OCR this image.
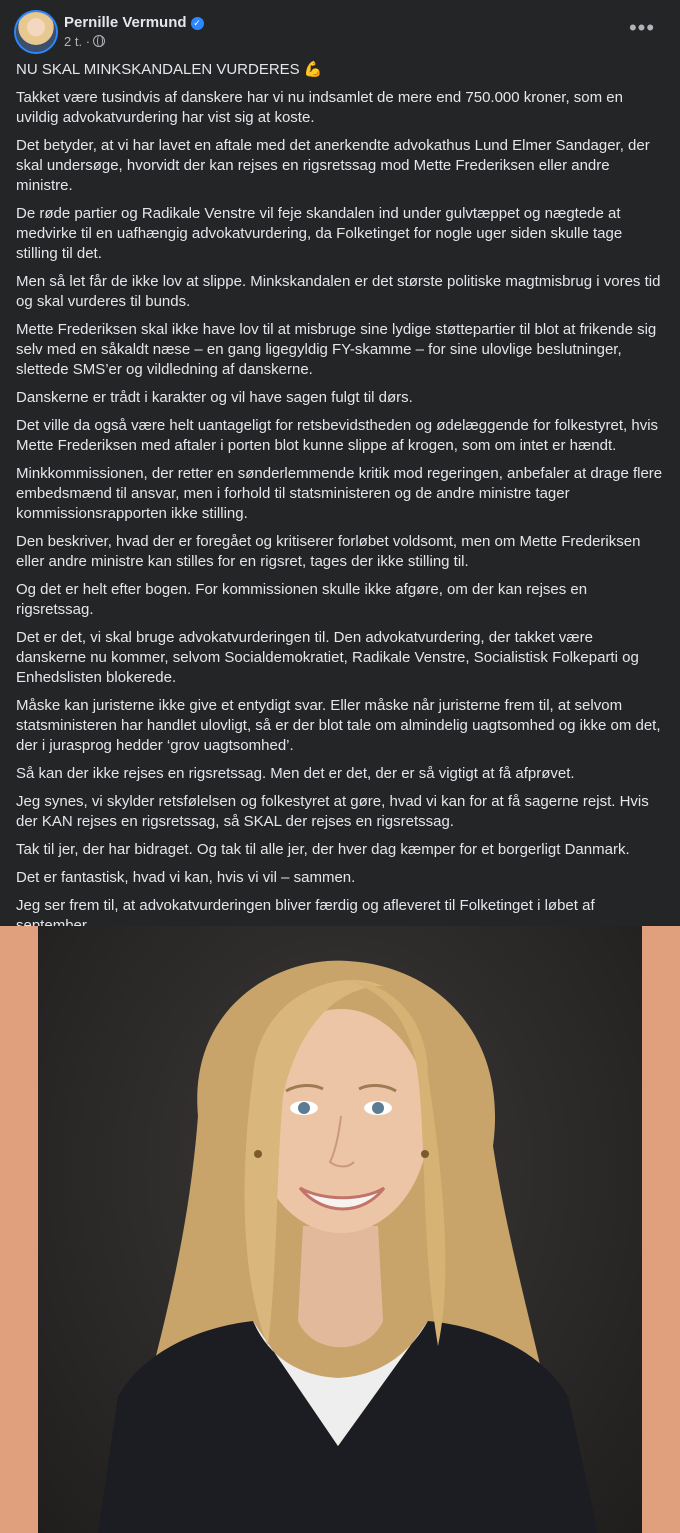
Pernille Vermund ✓
2 t. ·
•••

NU SKAL MINKSKANDALEN VURDERES 💪

Takket være tusindvis af danskere har vi nu indsamlet de mere end 750.000 kroner, som en uvildig advokatvurdering har vist sig at koste.

Det betyder, at vi har lavet en aftale med det anerkendte advokathus Lund Elmer Sandager, der skal undersøge, hvorvidt der kan rejses en rigsretssag mod Mette Frederiksen eller andre ministre.

De røde partier og Radikale Venstre vil feje skandalen ind under gulvtæppet og nægtede at medvirke til en uafhængig advokatvurdering, da Folketinget for nogle uger siden skulle tage stilling til det.

Men så let får de ikke lov at slippe. Minkskandalen er det største politiske magtmisbrug i vores tid og skal vurderes til bunds.

Mette Frederiksen skal ikke have lov til at misbruge sine lydige støttepartier til blot at frikende sig selv med en såkaldt næse – en gang ligegyldig FY-skamme – for sine ulovlige beslutninger, slettede SMS’er og vildledning af danskerne.

Danskerne er trådt i karakter og vil have sagen fulgt til dørs.

Det ville da også være helt uantageligt for retsbevidstheden og ødelæggende for folkestyret, hvis Mette Frederiksen med aftaler i porten blot kunne slippe af krogen, som om intet er hændt.

Minkkommissionen, der retter en sønderlemmende kritik mod regeringen, anbefaler at drage flere embedsmænd til ansvar, men i forhold til statsministeren og de andre ministre tager kommissionsrapporten ikke stilling.

Den beskriver, hvad der er foregået og kritiserer forløbet voldsomt, men om Mette Frederiksen eller andre ministre kan stilles for en rigsret, tages der ikke stilling til.

Og det er helt efter bogen. For kommissionen skulle ikke afgøre, om der kan rejses en rigsretssag.

Det er det, vi skal bruge advokatvurderingen til. Den advokatvurdering, der takket være danskerne nu kommer, selvom Socialdemokratiet, Radikale Venstre, Socialistisk Folkeparti og Enhedslisten blokerede.

Måske kan juristerne ikke give et entydigt svar. Eller måske når juristerne frem til, at selvom statsministeren har handlet ulovligt, så er der blot tale om almindelig uagtsomhed og ikke om det, der i jurasprog hedder ‘grov uagtsomhed’.

Så kan der ikke rejses en rigsretssag. Men det er det, der er så vigtigt at få afprøvet.

Jeg synes, vi skylder retsfølelsen og folkestyret at gøre, hvad vi kan for at få sagerne rejst. Hvis der KAN rejses en rigsretssag, så SKAL der rejses en rigsretssag.

Tak til jer, der har bidraget. Og tak til alle jer, der hver dag kæmper for et borgerligt Danmark.

Det er fantastisk, hvad vi kan, hvis vi vil – sammen.

Jeg ser frem til, at advokatvurderingen bliver færdig og afleveret til Folketinget i løbet af
